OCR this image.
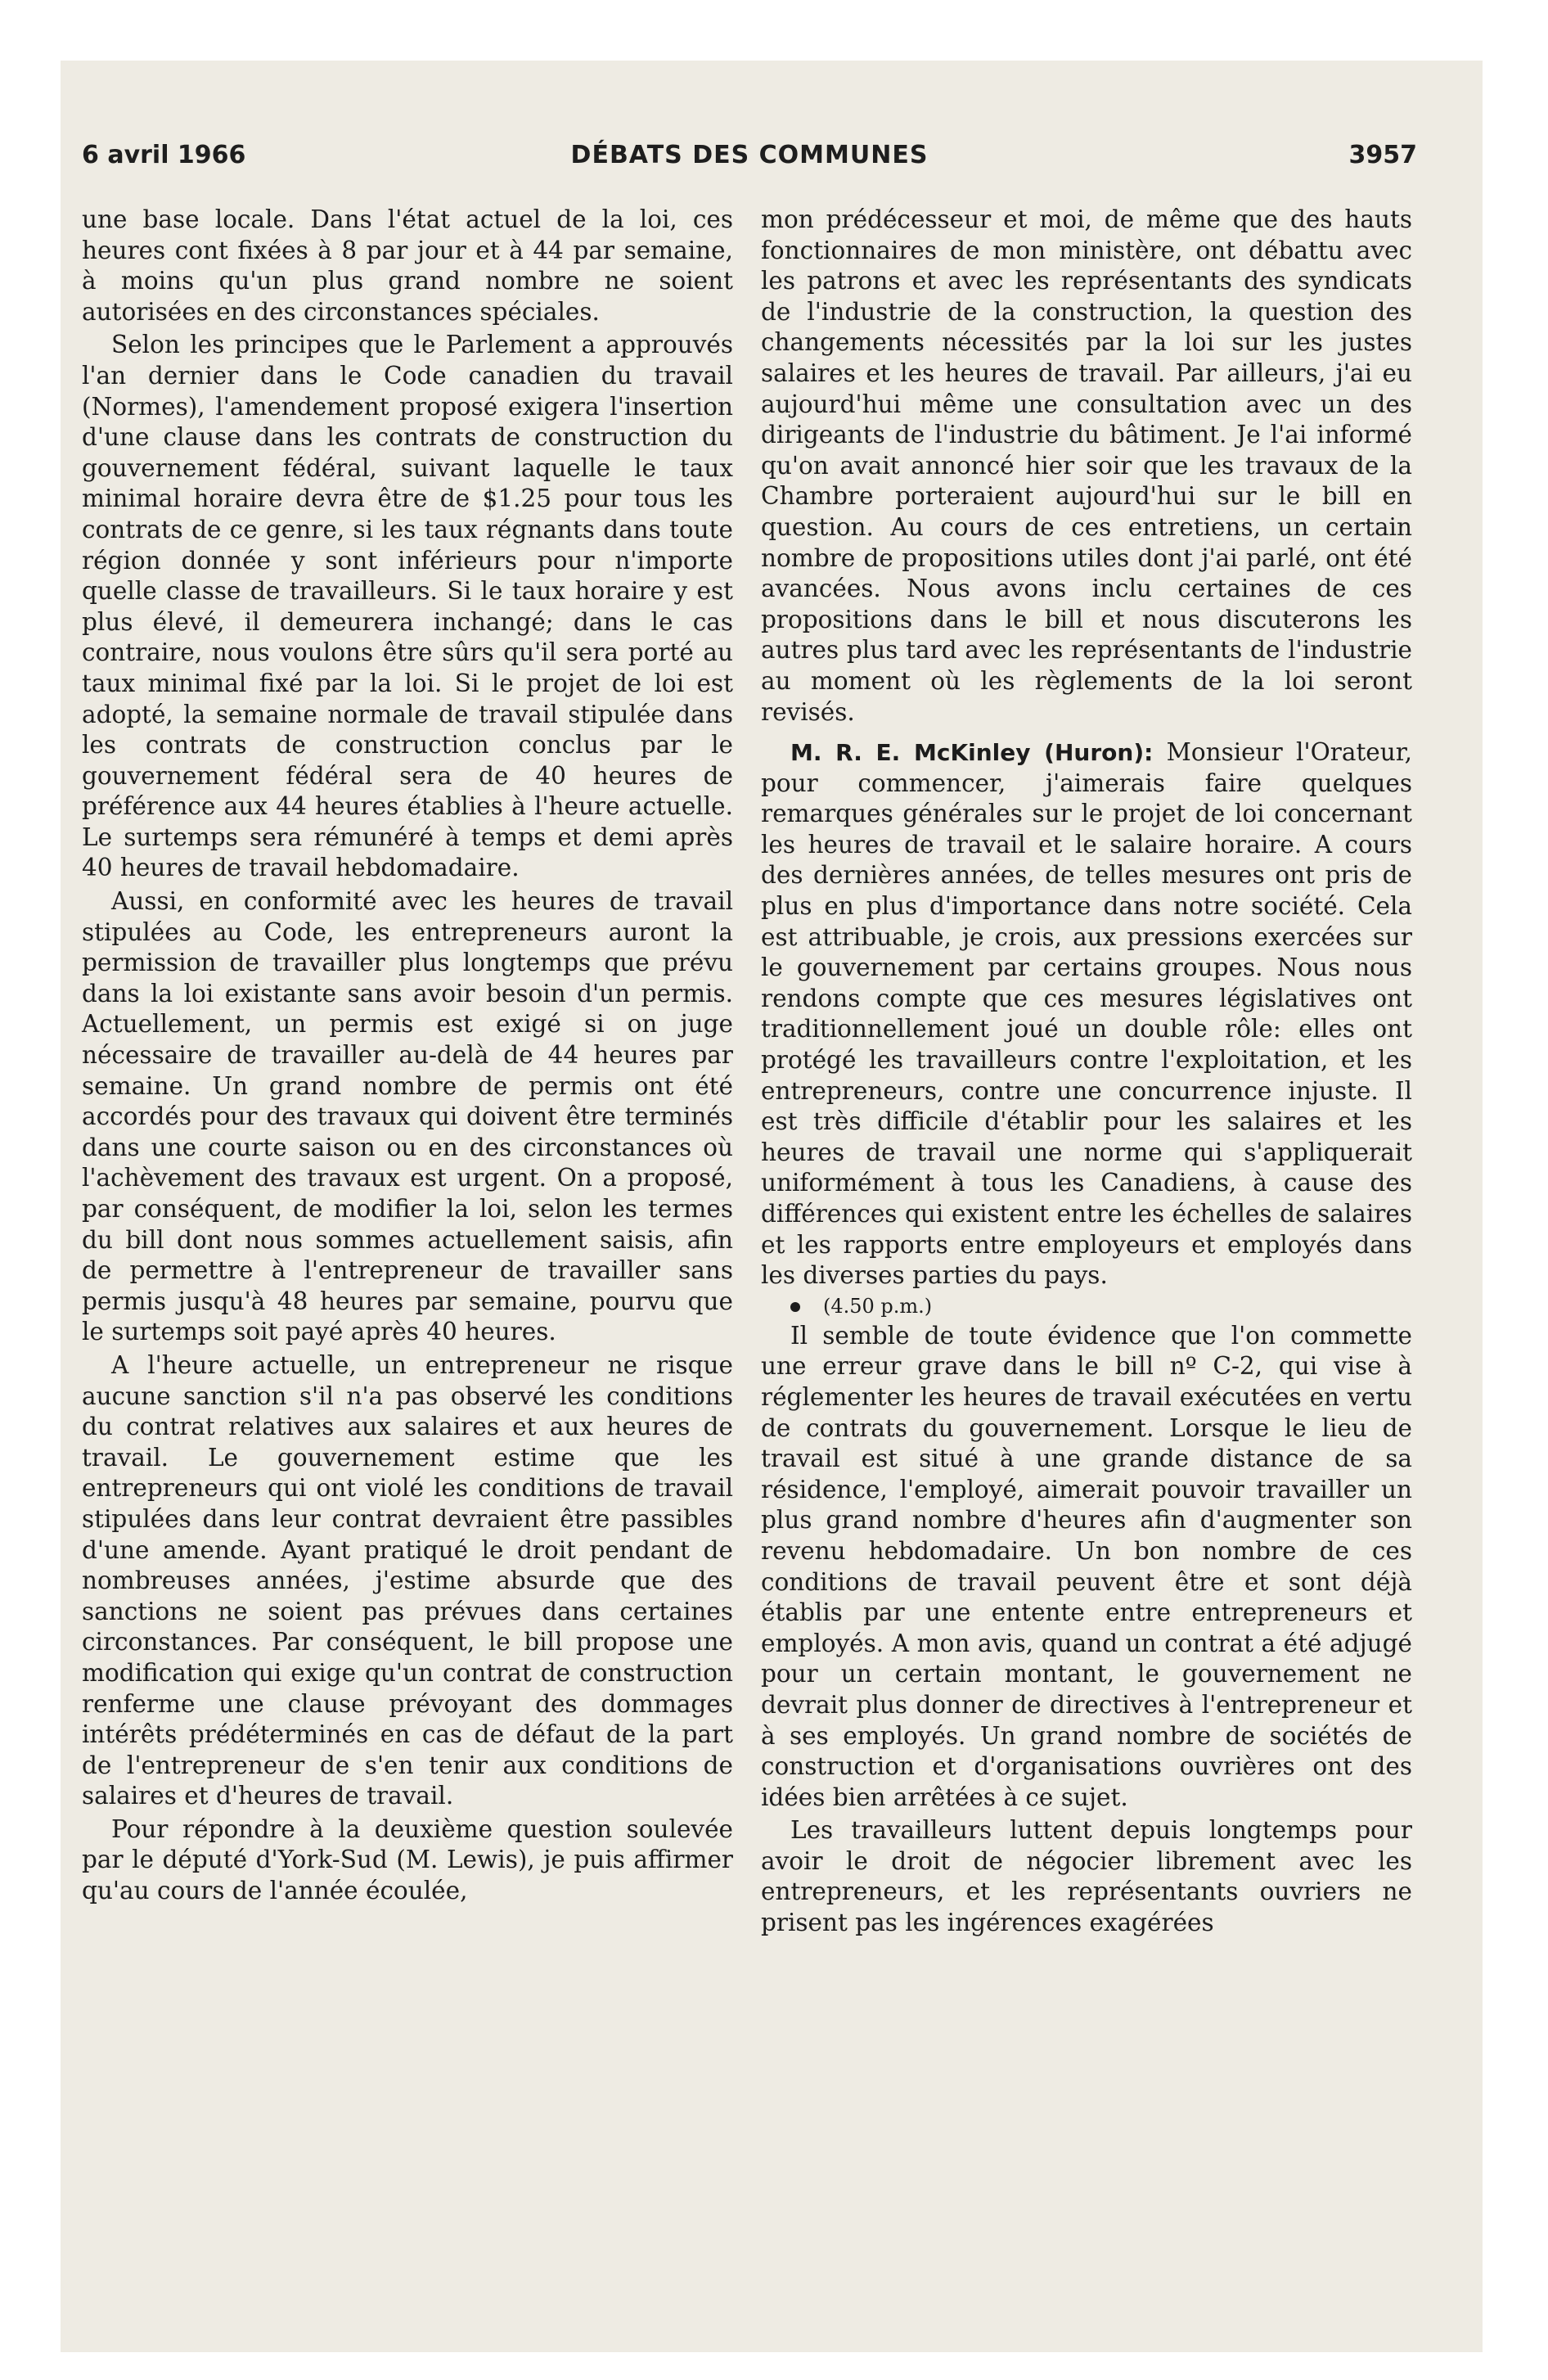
6 avril 1966	DÉBATS DES COMMUNES	3957

une base locale. Dans l'état actuel de la loi, ces heures cont fixées à 8 par jour et à 44 par semaine, à moins qu'un plus grand nombre ne soient autorisées en des circonstances spéciales.

Selon les principes que le Parlement a approuvés l'an dernier dans le Code canadien du travail (Normes), l'amendement proposé exigera l'insertion d'une clause dans les contrats de construction du gouvernement fédéral, suivant laquelle le taux minimal horaire devra être de $1.25 pour tous les contrats de ce genre, si les taux régnants dans toute région donnée y sont inférieurs pour n'importe quelle classe de travailleurs. Si le taux horaire y est plus élevé, il demeurera inchangé; dans le cas contraire, nous voulons être sûrs qu'il sera porté au taux minimal fixé par la loi. Si le projet de loi est adopté, la semaine normale de travail stipulée dans les contrats de construction conclus par le gouvernement fédéral sera de 40 heures de préférence aux 44 heures établies à l'heure actuelle. Le surtemps sera rémunéré à temps et demi après 40 heures de travail hebdomadaire.

Aussi, en conformité avec les heures de travail stipulées au Code, les entrepreneurs auront la permission de travailler plus longtemps que prévu dans la loi existante sans avoir besoin d'un permis. Actuellement, un permis est exigé si on juge nécessaire de travailler au-delà de 44 heures par semaine. Un grand nombre de permis ont été accordés pour des travaux qui doivent être terminés dans une courte saison ou en des circonstances où l'achèvement des travaux est urgent. On a proposé, par conséquent, de modifier la loi, selon les termes du bill dont nous sommes actuellement saisis, afin de permettre à l'entrepreneur de travailler sans permis jusqu'à 48 heures par semaine, pourvu que le surtemps soit payé après 40 heures.

A l'heure actuelle, un entrepreneur ne risque aucune sanction s'il n'a pas observé les conditions du contrat relatives aux salaires et aux heures de travail. Le gouvernement estime que les entrepreneurs qui ont violé les conditions de travail stipulées dans leur contrat devraient être passibles d'une amende. Ayant pratiqué le droit pendant de nombreuses années, j'estime absurde que des sanctions ne soient pas prévues dans certaines circonstances. Par conséquent, le bill propose une modification qui exige qu'un contrat de construction renferme une clause prévoyant des dommages intérêts prédéterminés en cas de défaut de la part de l'entrepreneur de s'en tenir aux conditions de salaires et d'heures de travail.

Pour répondre à la deuxième question soulevée par le député d'York-Sud (M. Lewis), je puis affirmer qu'au cours de l'année écoulée,

mon prédécesseur et moi, de même que des hauts fonctionnaires de mon ministère, ont débattu avec les patrons et avec les représentants des syndicats de l'industrie de la construction, la question des changements nécessités par la loi sur les justes salaires et les heures de travail. Par ailleurs, j'ai eu aujourd'hui même une consultation avec un des dirigeants de l'industrie du bâtiment. Je l'ai informé qu'on avait annoncé hier soir que les travaux de la Chambre porteraient aujourd'hui sur le bill en question. Au cours de ces entretiens, un certain nombre de propositions utiles dont j'ai parlé, ont été avancées. Nous avons inclu certaines de ces propositions dans le bill et nous discuterons les autres plus tard avec les représentants de l'industrie au moment où les règlements de la loi seront revisés.

M. R. E. McKinley (Huron): Monsieur l'Orateur, pour commencer, j'aimerais faire quelques remarques générales sur le projet de loi concernant les heures de travail et le salaire horaire. A cours des dernières années, de telles mesures ont pris de plus en plus d'importance dans notre société. Cela est attribuable, je crois, aux pressions exercées sur le gouvernement par certains groupes. Nous nous rendons compte que ces mesures législatives ont traditionnellement joué un double rôle: elles ont protégé les travailleurs contre l'exploitation, et les entrepreneurs, contre une concurrence injuste. Il est très difficile d'établir pour les salaires et les heures de travail une norme qui s'appliquerait uniformément à tous les Canadiens, à cause des différences qui existent entre les échelles de salaires et les rapports entre employeurs et employés dans les diverses parties du pays.

(4.50 p.m.)

Il semble de toute évidence que l'on commette une erreur grave dans le bill nº C-2, qui vise à réglementer les heures de travail exécutées en vertu de contrats du gouvernement. Lorsque le lieu de travail est situé à une grande distance de sa résidence, l'employé, aimerait pouvoir travailler un plus grand nombre d'heures afin d'augmenter son revenu hebdomadaire. Un bon nombre de ces conditions de travail peuvent être et sont déjà établis par une entente entre entrepreneurs et employés. A mon avis, quand un contrat a été adjugé pour un certain montant, le gouvernement ne devrait plus donner de directives à l'entrepreneur et à ses employés. Un grand nombre de sociétés de construction et d'organisations ouvrières ont des idées bien arrêtées à ce sujet.

Les travailleurs luttent depuis longtemps pour avoir le droit de négocier librement avec les entrepreneurs, et les représentants ouvriers ne prisent pas les ingérences exagérées
